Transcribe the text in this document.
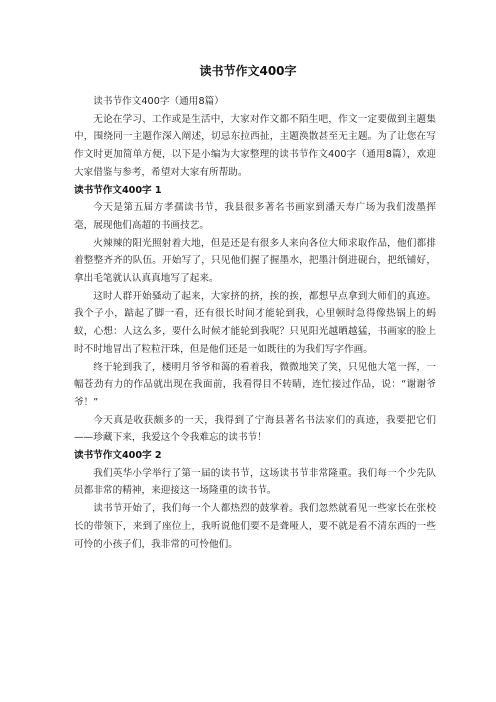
读书节作文400字

读书节作文400字（通用8篇）

无论在学习、工作或是生活中，大家对作文都不陌生吧，作文一定要做到主题集中，围绕同一主题作深入阐述，切忌东拉西扯，主题涣散甚至无主题。为了让您在写作文时更加简单方便，以下是小编为大家整理的读书节作文400字（通用8篇），欢迎大家借鉴与参考，希望对大家有所帮助。

读书节作文400字 1

今天是第五届方孝孺读书节，我县很多著名书画家到潘天寿广场为我们泼墨挥毫，展现他们高超的书画技艺。

火辣辣的阳光照射着大地，但是还是有很多人来向各位大师求取作品，他们都排着整整齐齐的队伍。开始写了，只见他们握了握墨水，把墨汁倒进砚台，把纸铺好，拿出毛笔就认认真真地写了起来。

这时人群开始骚动了起来，大家挤的挤，挨的挨，都想早点拿到大师们的真迹。我个子小，踮起了脚一看，还有很长时间才能轮到我，心里顿时急得像热锅上的蚂蚁，心想：人这么多，要什么时候才能轮到我呢？只见阳光越晒越猛，书画家的脸上时不时地冒出了粒粒汗珠，但是他们还是一如既往的为我们写字作画。

终于轮到我了，楼明月爷爷和蔼的看着我，微微地笑了笑，只见他大笔一挥，一幅苍劲有力的作品就出现在我面前，我看得目不转睛，连忙接过作品，说：“谢谢爷爷！”

今天真是收获颇多的一天，我得到了宁海县著名书法家们的真迹，我要把它们——珍藏下来，我爱这个令我难忘的读书节！

读书节作文400字 2

我们英华小学举行了第一届的读书节，这场读书节非常隆重。我们每一个少先队员都非常的精神，来迎接这一场隆重的读书节。

读书节开始了，我们每一个人都热烈的鼓掌着。我们忽然就看见一些家长在张校长的带领下，来到了座位上，我听说他们要不是聋哑人，要不就是看不清东西的一些可怜的小孩子们，我非常的可怜他们。
